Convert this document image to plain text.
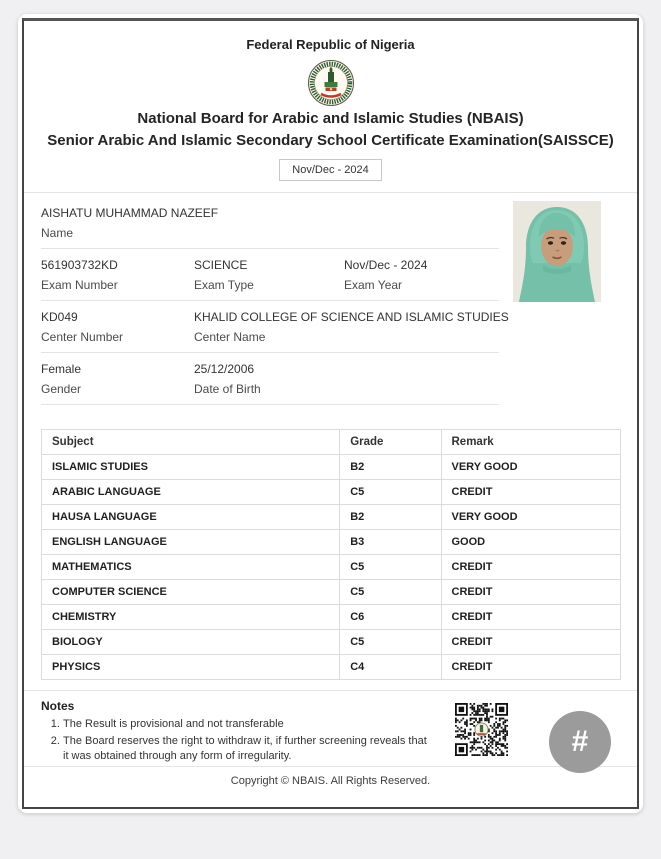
Federal Republic of Nigeria
National Board for Arabic and Islamic Studies (NBAIS)
Senior Arabic And Islamic Secondary School Certificate Examination(SAISSCE)
Nov/Dec - 2024
AISHATU MUHAMMAD NAZEEF
Name
561903732KD
Exam Number
SCIENCE
Exam Type
Nov/Dec - 2024
Exam Year
KD049
Center Number
KHALID COLLEGE OF SCIENCE AND ISLAMIC STUDIES
Center Name
Female
Gender
25/12/2006
Date of Birth
Subject	Grade	Remark
ISLAMIC STUDIES	B2	VERY GOOD
ARABIC LANGUAGE	C5	CREDIT
HAUSA LANGUAGE	B2	VERY GOOD
ENGLISH LANGUAGE	B3	GOOD
MATHEMATICS	C5	CREDIT
COMPUTER SCIENCE	C5	CREDIT
CHEMISTRY	C6	CREDIT
BIOLOGY	C5	CREDIT
PHYSICS	C4	CREDIT
Notes
1. The Result is provisional and not transferable
2. The Board reserves the right to withdraw it, if further screening reveals that it was obtained through any form of irregularity.
Copyright © NBAIS. All Rights Reserved.
#
